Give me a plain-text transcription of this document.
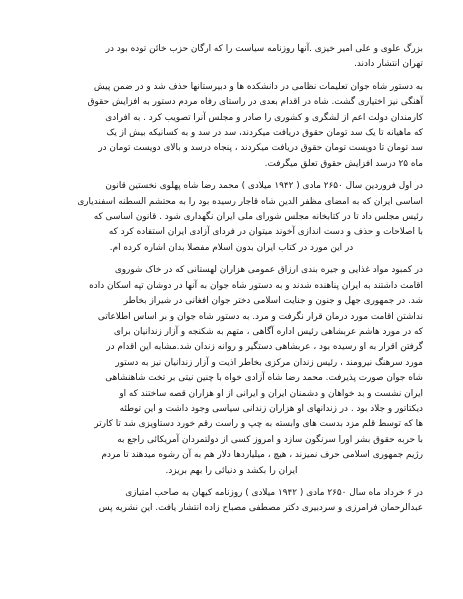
بزرگ علوی و علی امیر خیزی .آنها روزنامه سیاست را که ارگان حزب خائن توده بود در
تهران انتشار دادند.
به دستور شاه جوان تعلیمات نظامی در دانشکده ها و دبیرستانها حذف شد و در ضمن پیش
آهنگی نیز اختیاری گشت. شاه در اقدام بعدی در راستای رفاه مردم دستور به افزایش حقوق
کارمندان دولت اعم از لشگری و کشوری را صادر و مجلس آنرا تصویب کرد . به افرادی
که ماهیانه تا یک سد تومان حقوق دریافت میکردند، سد در سد و به کسانیکه بیش از یک
سد تومان تا دویست تومان حقوق دریافت میکردند ، پنجاه درسد و بالای دویست تومان در
ماه ۲۵ درسد افزایش حقوق تعلق میگرفت.
در اول فروردین سال ۲۶۵۰ مادی ( ۱۹۴۲ میلادی ) محمد رضا شاه پهلوی نخستین قانون
اساسی ایران که به امضای مظفر الدین شاه قاجار رسیده بود را به محتشم السطنه اسفندیاری
رئیس مجلس داد تا در کتابخانه مجلس شورای ملی ایران نگهداری شود . قانون اساسی که
با اصلاحات و حذف و دست اندازی آخوند میتوان در فردای آزادی ایران استفاده کرد که
در این مورد در کتاب ایران بدون اسلام مفصلا بدان اشاره کرده ام.
در کمبود مواد غذایی و جیره بندی ارزاق عمومی هزاران لهستانی که در خاک شوروی
اقامت داشتند به ایران پناهنده شدند و به دستور شاه جوان به آنها در دوشان تپه اسکان داده
شد. در جمهوری جهل و جنون و جنایت اسلامی دختر جوان افغانی در شیراز بخاطر
نداشتن اقامت مورد درمان قرار نگرفت و مرد. به دستور شاه جوان و بر اساس اطلاعاتی
که در مورد هاشم عربشاهی رئیس اداره آگاهی ، متهم به شکنجه و آزار زندانیان برای
گرفتن اقرار به او رسیده بود ، عربشاهی دستگیر و روانه زندان شد.مشابه این اقدام در
مورد سرهنگ نیرومند ، رئیس زندان مرکزی بخاطر اذیت و آزار زندانیان نیز به دستور
شاه جوان صورت پذیرفت. محمد رضا شاه آزادی خواه با چنین نیتی بر تخت شاهنشاهی
ایران نشست و بد خواهان و دشمنان ایران و ایرانی از او هزاران قصه ساختند که او
دیکتاتور و جلاد بود . در زندانهای او هزاران زندانی سیاسی وجود داشت و این توطئه
ها که توسط قلم مزد بدست های وابسته به چپ و راست رقم خورد دستاویزی شد تا کارتر
با حربه حقوق بشر اورا سرنگون سازد و امروز کسی از دولتمردان آمریکائی راجع به
رژیم جمهوری اسلامی حرف نمیزند ، هیچ ، میلیاردها دلار هم به آن رشوه میدهند تا مردم
ایران را بکشد و دنیائی را بهم بریزد.
در ۶ خرداد ماه سال ۲۶۵۰ مادی ( ۱۹۴۲ میلادی ) روزنامه کیهان به صاحب امتیازی
عبدالرحمان فرامرزی و سردبیری دکتر مصطفی مصباح زاده انتشار یافت. این نشریه پس
